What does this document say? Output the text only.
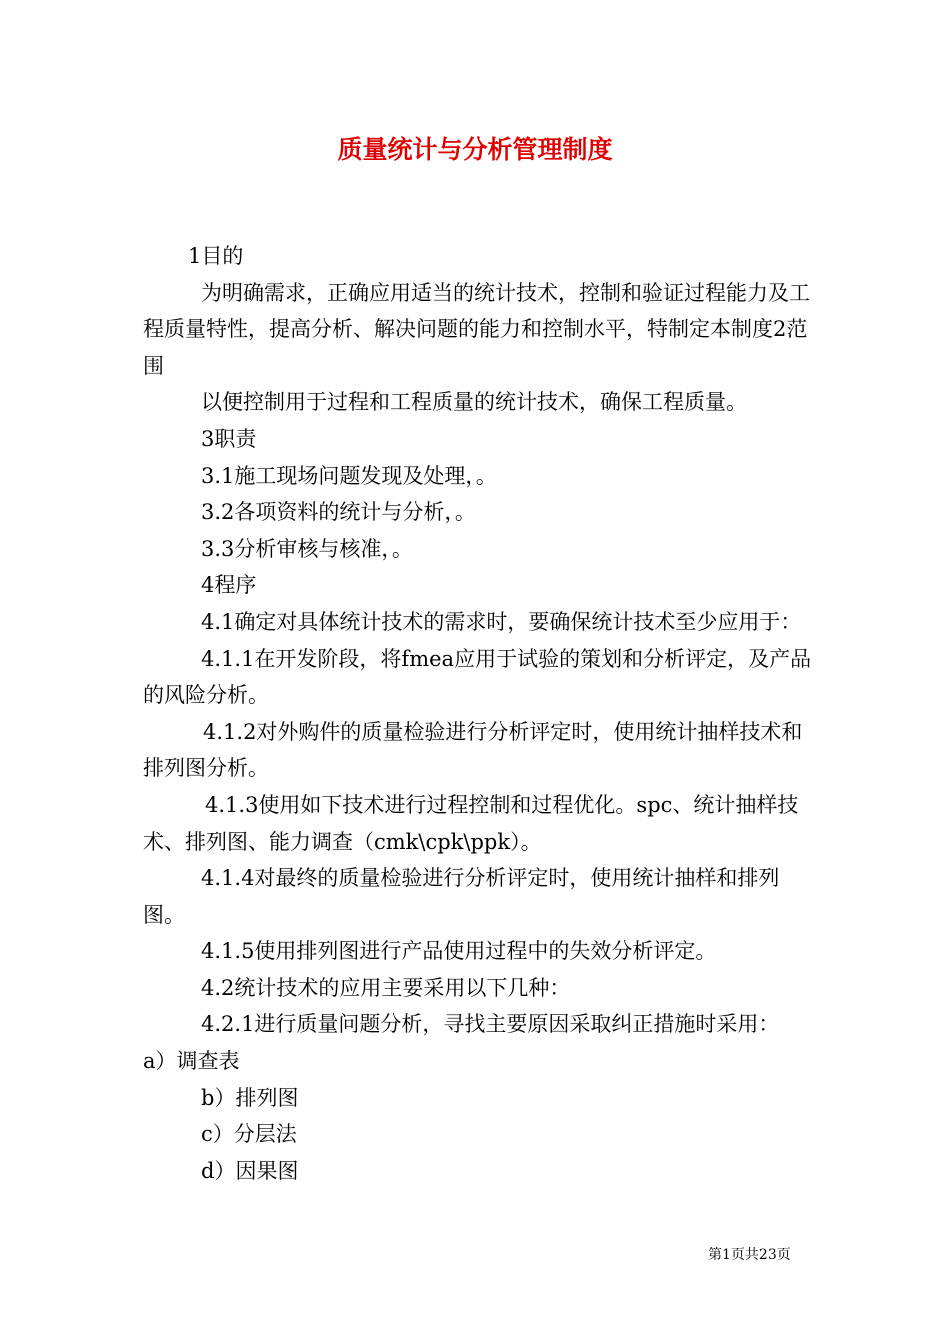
质量统计与分析管理制度

1目的

为明确需求，正确应用适当的统计技术，控制和验证过程能力及工程质量特性，提高分析、解决问题的能力和控制水平，特制定本制度2范围

以便控制用于过程和工程质量的统计技术，确保工程质量。

3职责

3.1施工现场问题发现及处理，。

3.2各项资料的统计与分析，。

3.3分析审核与核准，。

4程序

4.1确定对具体统计技术的需求时，要确保统计技术至少应用于：

4.1.1在开发阶段，将fmea应用于试验的策划和分析评定，及产品的风险分析。

4.1.2对外购件的质量检验进行分析评定时，使用统计抽样技术和排列图分析。

4.1.3使用如下技术进行过程控制和过程优化。spc、统计抽样技术、排列图、能力调查（cmk\cpk\ppk）。

4.1.4对最终的质量检验进行分析评定时，使用统计抽样和排列图。

4.1.5使用排列图进行产品使用过程中的失效分析评定。

4.2统计技术的应用主要采用以下几种：

4.2.1进行质量问题分析，寻找主要原因采取纠正措施时采用：

a）调查表

b）排列图

c）分层法

d）因果图

第1页共23页
